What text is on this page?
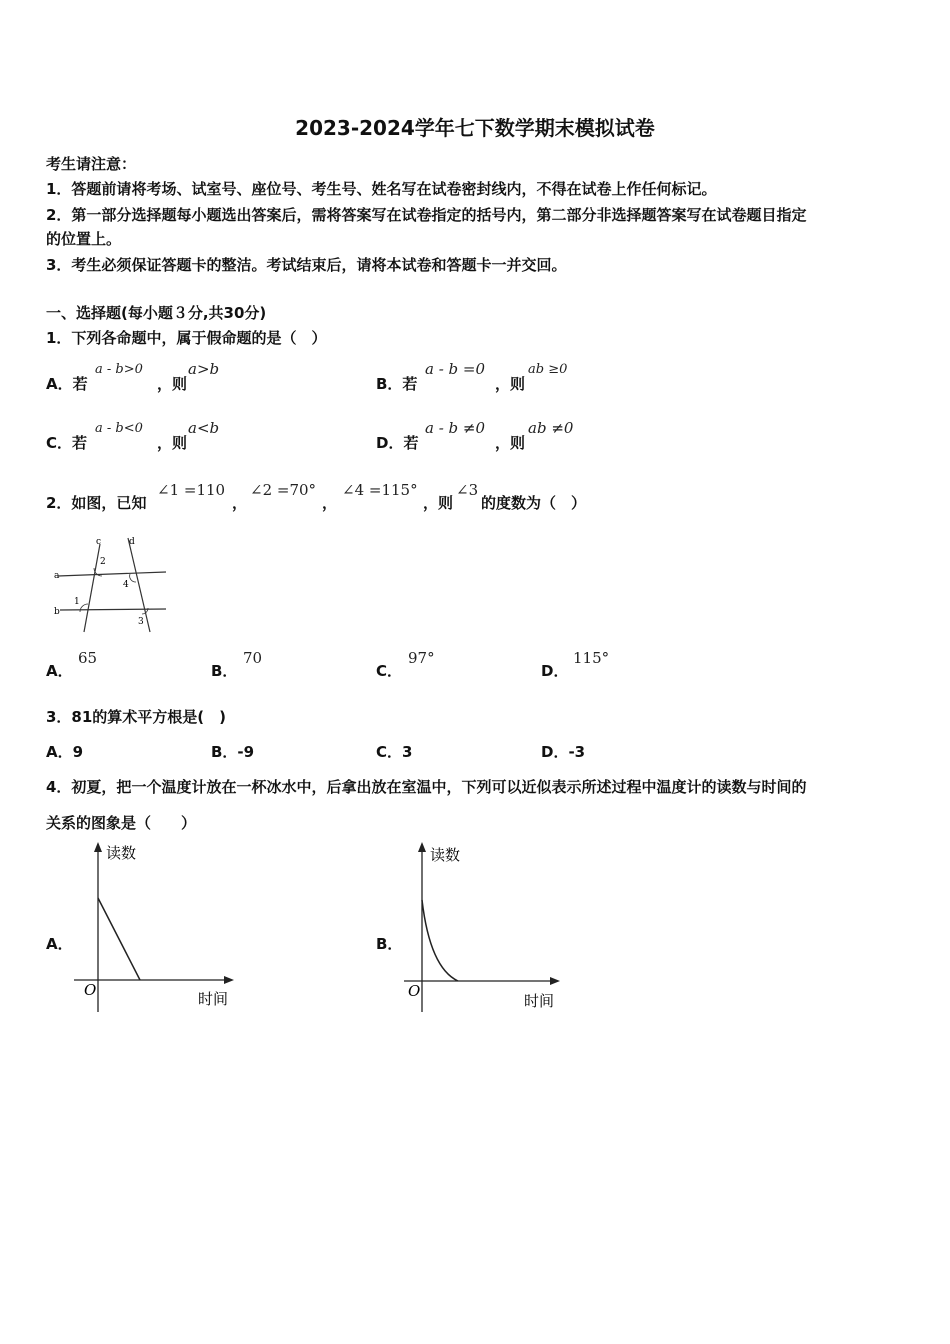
2023-2024学年七下数学期末模拟试卷
考生请注意：
1．答题前请将考场、试室号、座位号、考生号、姓名写在试卷密封线内，不得在试卷上作任何标记。
2．第一部分选择题每小题选出答案后，需将答案写在试卷指定的括号内，第二部分非选择题答案写在试卷题目指定
的位置上。
3．考生必须保证答题卡的整洁。考试结束后，请将本试卷和答题卡一并交回。
一、选择题(每小题３分,共30分)
1．下列各命题中，属于假命题的是（　）
A．若
a - b>0
，则
a>b
B．若
a - b =0
，则
ab ≥0
C．若
a - b<0
，则
a<b
D．若
a - b ≠0
，则
ab ≠0
2．如图，已知
∠1 =110
，
∠2 =70°
，
∠4 =115°
，则
∠3
的度数为（　）
c	d
a
b
1
2
3
4
A．
65
B．
70
C．
97°
D．
115°
3．81的算术平方根是(　)
A．9	B．-9	C．3	D．-3
4．初夏，把一个温度计放在一杯冰水中，后拿出放在室温中，下列可以近似表示所述过程中温度计的读数与时间的
关系的图象是（　　）
A．
读数
时间
O
B．
读数
时间
O
